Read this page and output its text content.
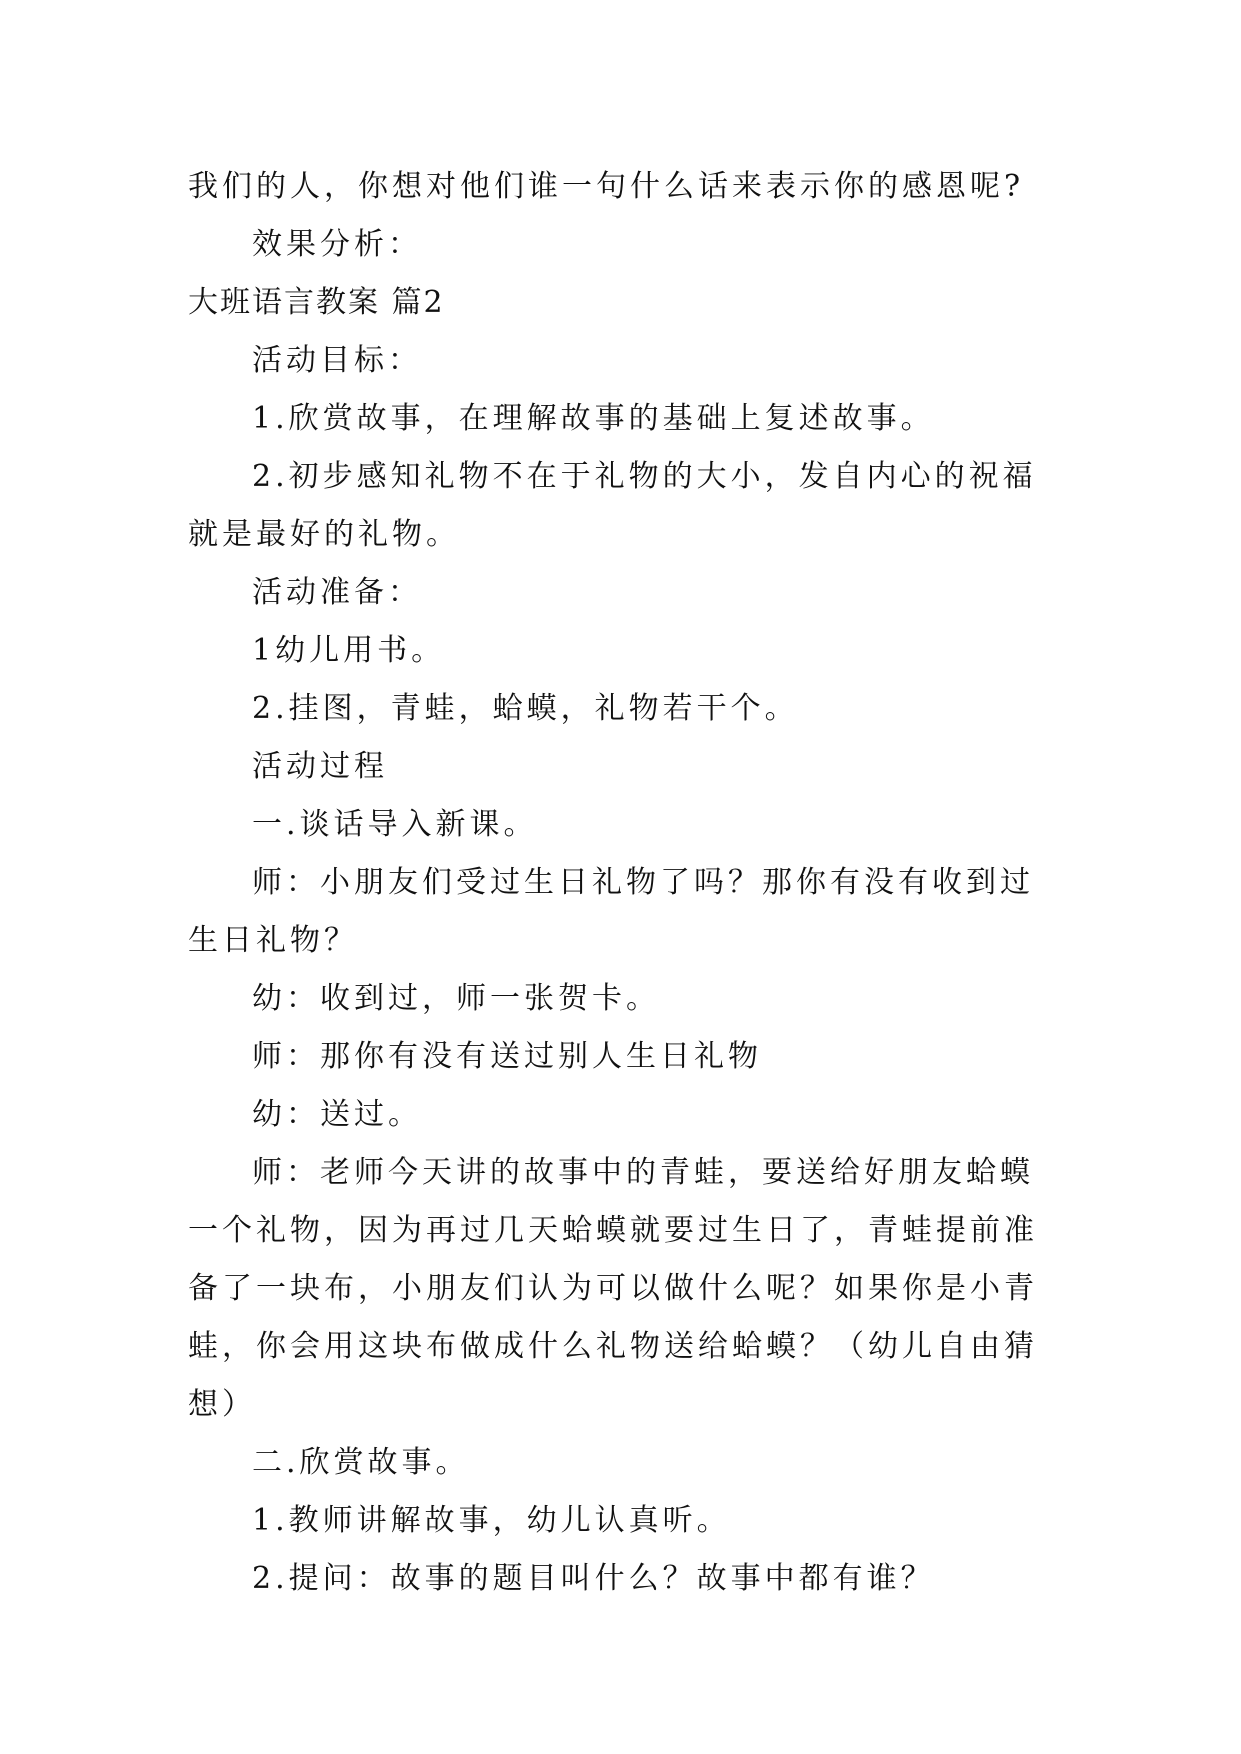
我们的人，你想对他们谁一句什么话来表示你的感恩呢?

效果分析：

大班语言教案 篇2

活动目标：

1.欣赏故事，在理解故事的基础上复述故事。

2.初步感知礼物不在于礼物的大小，发自内心的祝福就是最好的礼物。

活动准备：

1幼儿用书。

2.挂图，青蛙，蛤蟆，礼物若干个。

活动过程

一.谈话导入新课。

师：小朋友们受过生日礼物了吗？那你有没有收到过生日礼物？

幼：收到过，师一张贺卡。

师：那你有没有送过别人生日礼物

幼：送过。

师：老师今天讲的故事中的青蛙，要送给好朋友蛤蟆一个礼物，因为再过几天蛤蟆就要过生日了，青蛙提前准备了一块布，小朋友们认为可以做什么呢？如果你是小青蛙，你会用这块布做成什么礼物送给蛤蟆？（幼儿自由猜想）

二.欣赏故事。

1.教师讲解故事，幼儿认真听。

2.提问：故事的题目叫什么？故事中都有谁？
